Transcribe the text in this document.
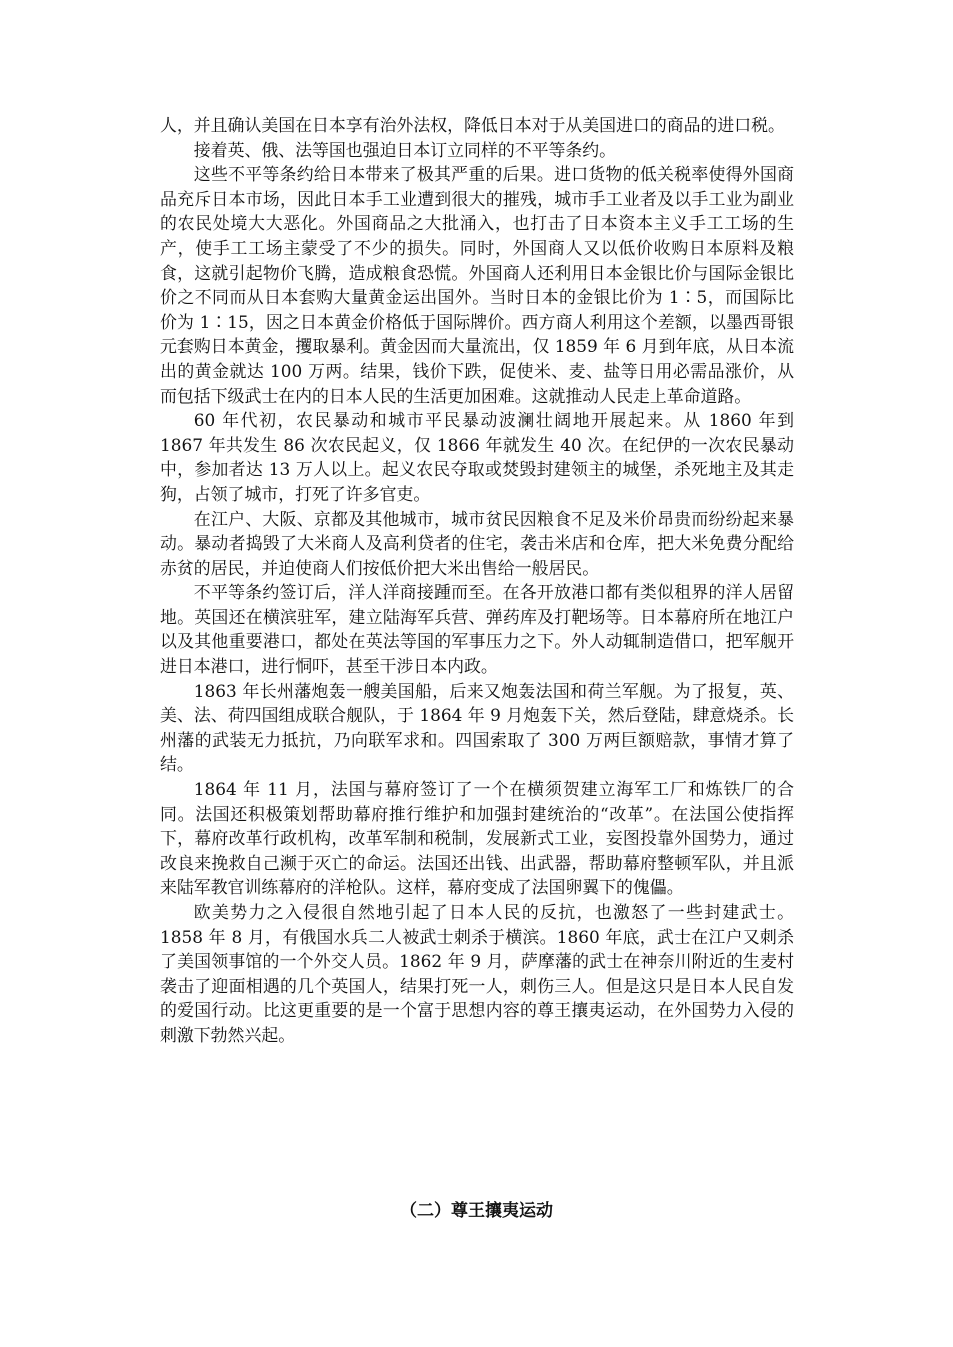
人，并且确认美国在日本享有治外法权，降低日本对于从美国进口的商品的进口税。

接着英、俄、法等国也强迫日本订立同样的不平等条约。

这些不平等条约给日本带来了极其严重的后果。进口货物的低关税率使得外国商品充斥日本市场，因此日本手工业遭到很大的摧残，城市手工业者及以手工业为副业的农民处境大大恶化。外国商品之大批涌入，也打击了日本资本主义手工工场的生产，使手工工场主蒙受了不少的损失。同时，外国商人又以低价收购日本原料及粮食，这就引起物价飞腾，造成粮食恐慌。外国商人还利用日本金银比价与国际金银比价之不同而从日本套购大量黄金运出国外。当时日本的金银比价为 1∶5，而国际比价为 1∶15，因之日本黄金价格低于国际牌价。西方商人利用这个差额，以墨西哥银元套购日本黄金，攫取暴利。黄金因而大量流出，仅 1859 年 6 月到年底，从日本流出的黄金就达 100 万两。结果，钱价下跌，促使米、麦、盐等日用必需品涨价，从而包括下级武士在内的日本人民的生活更加困难。这就推动人民走上革命道路。

60 年代初，农民暴动和城市平民暴动波澜壮阔地开展起来。从 1860 年到 1867 年共发生 86 次农民起义，仅 1866 年就发生 40 次。在纪伊的一次农民暴动中，参加者达 13 万人以上。起义农民夺取或焚毁封建领主的城堡，杀死地主及其走狗，占领了城市，打死了许多官吏。

在江户、大阪、京都及其他城市，城市贫民因粮食不足及米价昂贵而纷纷起来暴动。暴动者捣毁了大米商人及高利贷者的住宅，袭击米店和仓库，把大米免费分配给赤贫的居民，并迫使商人们按低价把大米出售给一般居民。

不平等条约签订后，洋人洋商接踵而至。在各开放港口都有类似租界的洋人居留地。英国还在横滨驻军，建立陆海军兵营、弹药库及打靶场等。日本幕府所在地江户以及其他重要港口，都处在英法等国的军事压力之下。外人动辄制造借口，把军舰开进日本港口，进行恫吓，甚至干涉日本内政。

1863 年长州藩炮轰一艘美国船，后来又炮轰法国和荷兰军舰。为了报复，英、美、法、荷四国组成联合舰队，于 1864 年 9 月炮轰下关，然后登陆，肆意烧杀。长州藩的武装无力抵抗，乃向联军求和。四国索取了 300 万两巨额赔款，事情才算了结。

1864 年 11 月，法国与幕府签订了一个在横须贺建立海军工厂和炼铁厂的合同。法国还积极策划帮助幕府推行维护和加强封建统治的“改革”。在法国公使指挥下，幕府改革行政机构，改革军制和税制，发展新式工业，妄图投靠外国势力，通过改良来挽救自己濒于灭亡的命运。法国还出钱、出武器，帮助幕府整顿军队，并且派来陆军教官训练幕府的洋枪队。这样，幕府变成了法国卵翼下的傀儡。

欧美势力之入侵很自然地引起了日本人民的反抗，也激怒了一些封建武士。1858 年 8 月，有俄国水兵二人被武士刺杀于横滨。1860 年底，武士在江户又刺杀了美国领事馆的一个外交人员。1862 年 9 月，萨摩藩的武士在神奈川附近的生麦村袭击了迎面相遇的几个英国人，结果打死一人，刺伤三人。但是这只是日本人民自发的爱国行动。比这更重要的是一个富于思想内容的尊王攘夷运动，在外国势力入侵的刺激下勃然兴起。

（二）尊王攘夷运动
